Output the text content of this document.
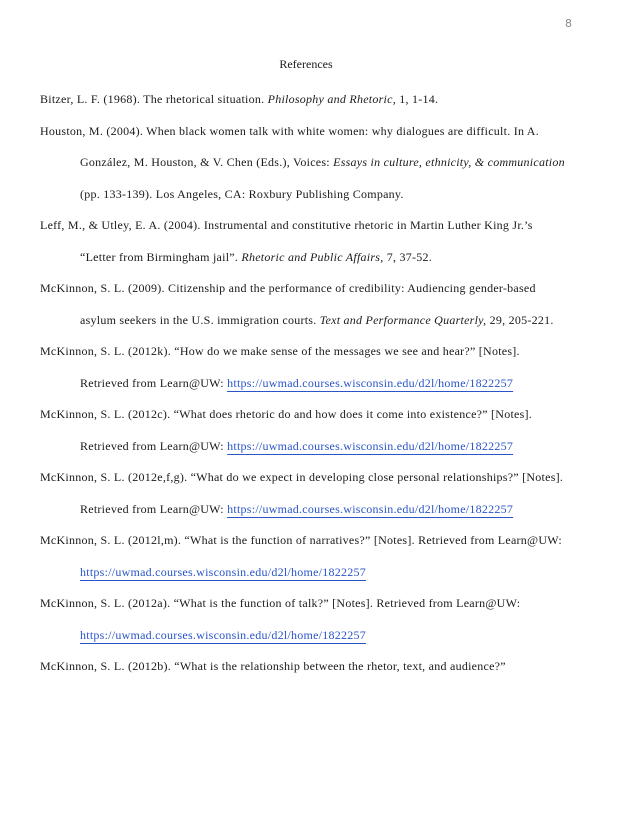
8
References

Bitzer, L. F. (1968). The rhetorical situation. Philosophy and Rhetoric, 1, 1-14.

Houston, M. (2004). When black women talk with white women: why dialogues are difficult. In A. González, M. Houston, & V. Chen (Eds.), Voices: Essays in culture, ethnicity, & communication (pp. 133-139). Los Angeles, CA: Roxbury Publishing Company.

Leff, M., & Utley, E. A. (2004). Instrumental and constitutive rhetoric in Martin Luther King Jr.’s “Letter from Birmingham jail”. Rhetoric and Public Affairs, 7, 37-52.

McKinnon, S. L. (2009). Citizenship and the performance of credibility: Audiencing gender-based asylum seekers in the U.S. immigration courts. Text and Performance Quarterly, 29, 205-221.

McKinnon, S. L. (2012k). “How do we make sense of the messages we see and hear?” [Notes]. Retrieved from Learn@UW: https://uwmad.courses.wisconsin.edu/d2l/home/1822257

McKinnon, S. L. (2012c). “What does rhetoric do and how does it come into existence?” [Notes]. Retrieved from Learn@UW: https://uwmad.courses.wisconsin.edu/d2l/home/1822257

McKinnon, S. L. (2012e,f,g). “What do we expect in developing close personal relationships?” [Notes]. Retrieved from Learn@UW: https://uwmad.courses.wisconsin.edu/d2l/home/1822257

McKinnon, S. L. (2012l,m). “What is the function of narratives?” [Notes]. Retrieved from Learn@UW: https://uwmad.courses.wisconsin.edu/d2l/home/1822257

McKinnon, S. L. (2012a). “What is the function of talk?” [Notes]. Retrieved from Learn@UW: https://uwmad.courses.wisconsin.edu/d2l/home/1822257

McKinnon, S. L. (2012b). “What is the relationship between the rhetor, text, and audience?”
